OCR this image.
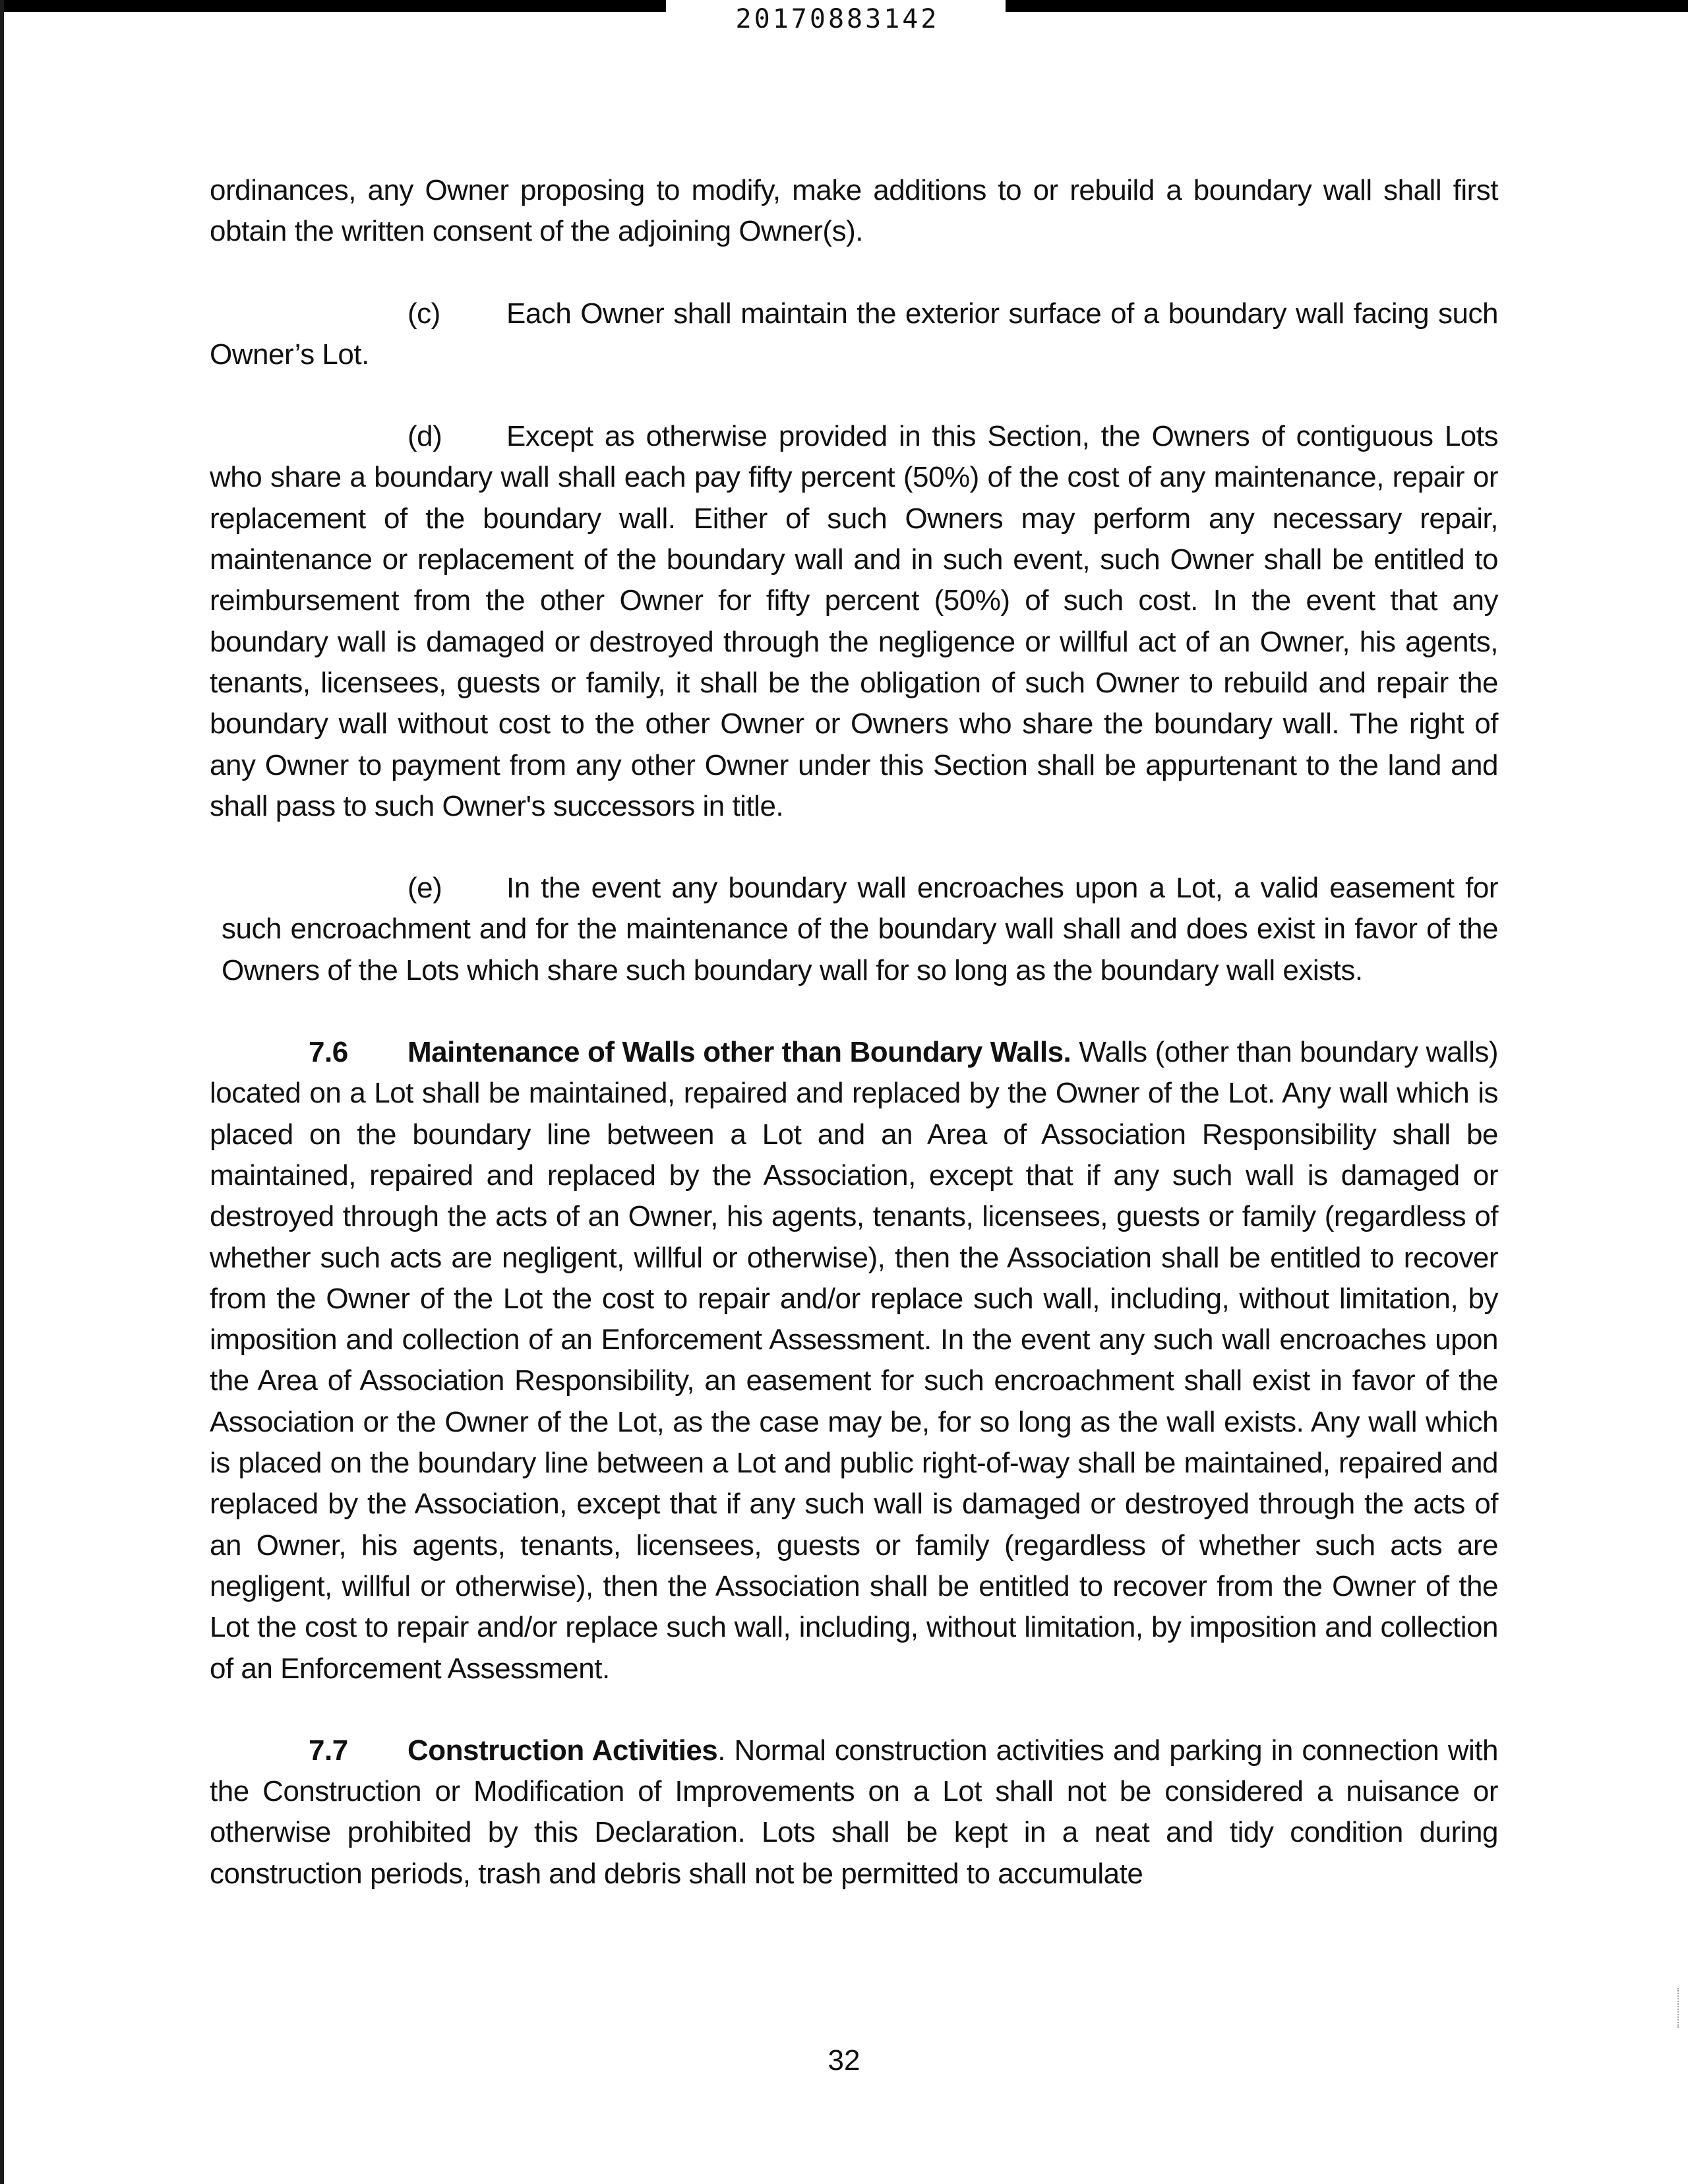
20170883142

ordinances, any Owner proposing to modify, make additions to or rebuild a boundary wall shall first obtain the written consent of the adjoining Owner(s).

(c) Each Owner shall maintain the exterior surface of a boundary wall facing such Owner’s Lot.

(d) Except as otherwise provided in this Section, the Owners of contiguous Lots who share a boundary wall shall each pay fifty percent (50%) of the cost of any maintenance, repair or replacement of the boundary wall. Either of such Owners may perform any necessary repair, maintenance or replacement of the boundary wall and in such event, such Owner shall be entitled to reimbursement from the other Owner for fifty percent (50%) of such cost. In the event that any boundary wall is damaged or destroyed through the negligence or willful act of an Owner, his agents, tenants, licensees, guests or family, it shall be the obligation of such Owner to rebuild and repair the boundary wall without cost to the other Owner or Owners who share the boundary wall. The right of any Owner to payment from any other Owner under this Section shall be appurtenant to the land and shall pass to such Owner's successors in title.

(e) In the event any boundary wall encroaches upon a Lot, a valid easement for such encroachment and for the maintenance of the boundary wall shall and does exist in favor of the Owners of the Lots which share such boundary wall for so long as the boundary wall exists.

7.6 Maintenance of Walls other than Boundary Walls. Walls (other than boundary walls) located on a Lot shall be maintained, repaired and replaced by the Owner of the Lot. Any wall which is placed on the boundary line between a Lot and an Area of Association Responsibility shall be maintained, repaired and replaced by the Association, except that if any such wall is damaged or destroyed through the acts of an Owner, his agents, tenants, licensees, guests or family (regardless of whether such acts are negligent, willful or otherwise), then the Association shall be entitled to recover from the Owner of the Lot the cost to repair and/or replace such wall, including, without limitation, by imposition and collection of an Enforcement Assessment. In the event any such wall encroaches upon the Area of Association Responsibility, an easement for such encroachment shall exist in favor of the Association or the Owner of the Lot, as the case may be, for so long as the wall exists. Any wall which is placed on the boundary line between a Lot and public right-of-way shall be maintained, repaired and replaced by the Association, except that if any such wall is damaged or destroyed through the acts of an Owner, his agents, tenants, licensees, guests or family (regardless of whether such acts are negligent, willful or otherwise), then the Association shall be entitled to recover from the Owner of the Lot the cost to repair and/or replace such wall, including, without limitation, by imposition and collection of an Enforcement Assessment.

7.7 Construction Activities. Normal construction activities and parking in connection with the Construction or Modification of Improvements on a Lot shall not be considered a nuisance or otherwise prohibited by this Declaration. Lots shall be kept in a neat and tidy condition during construction periods, trash and debris shall not be permitted to accumulate

32
